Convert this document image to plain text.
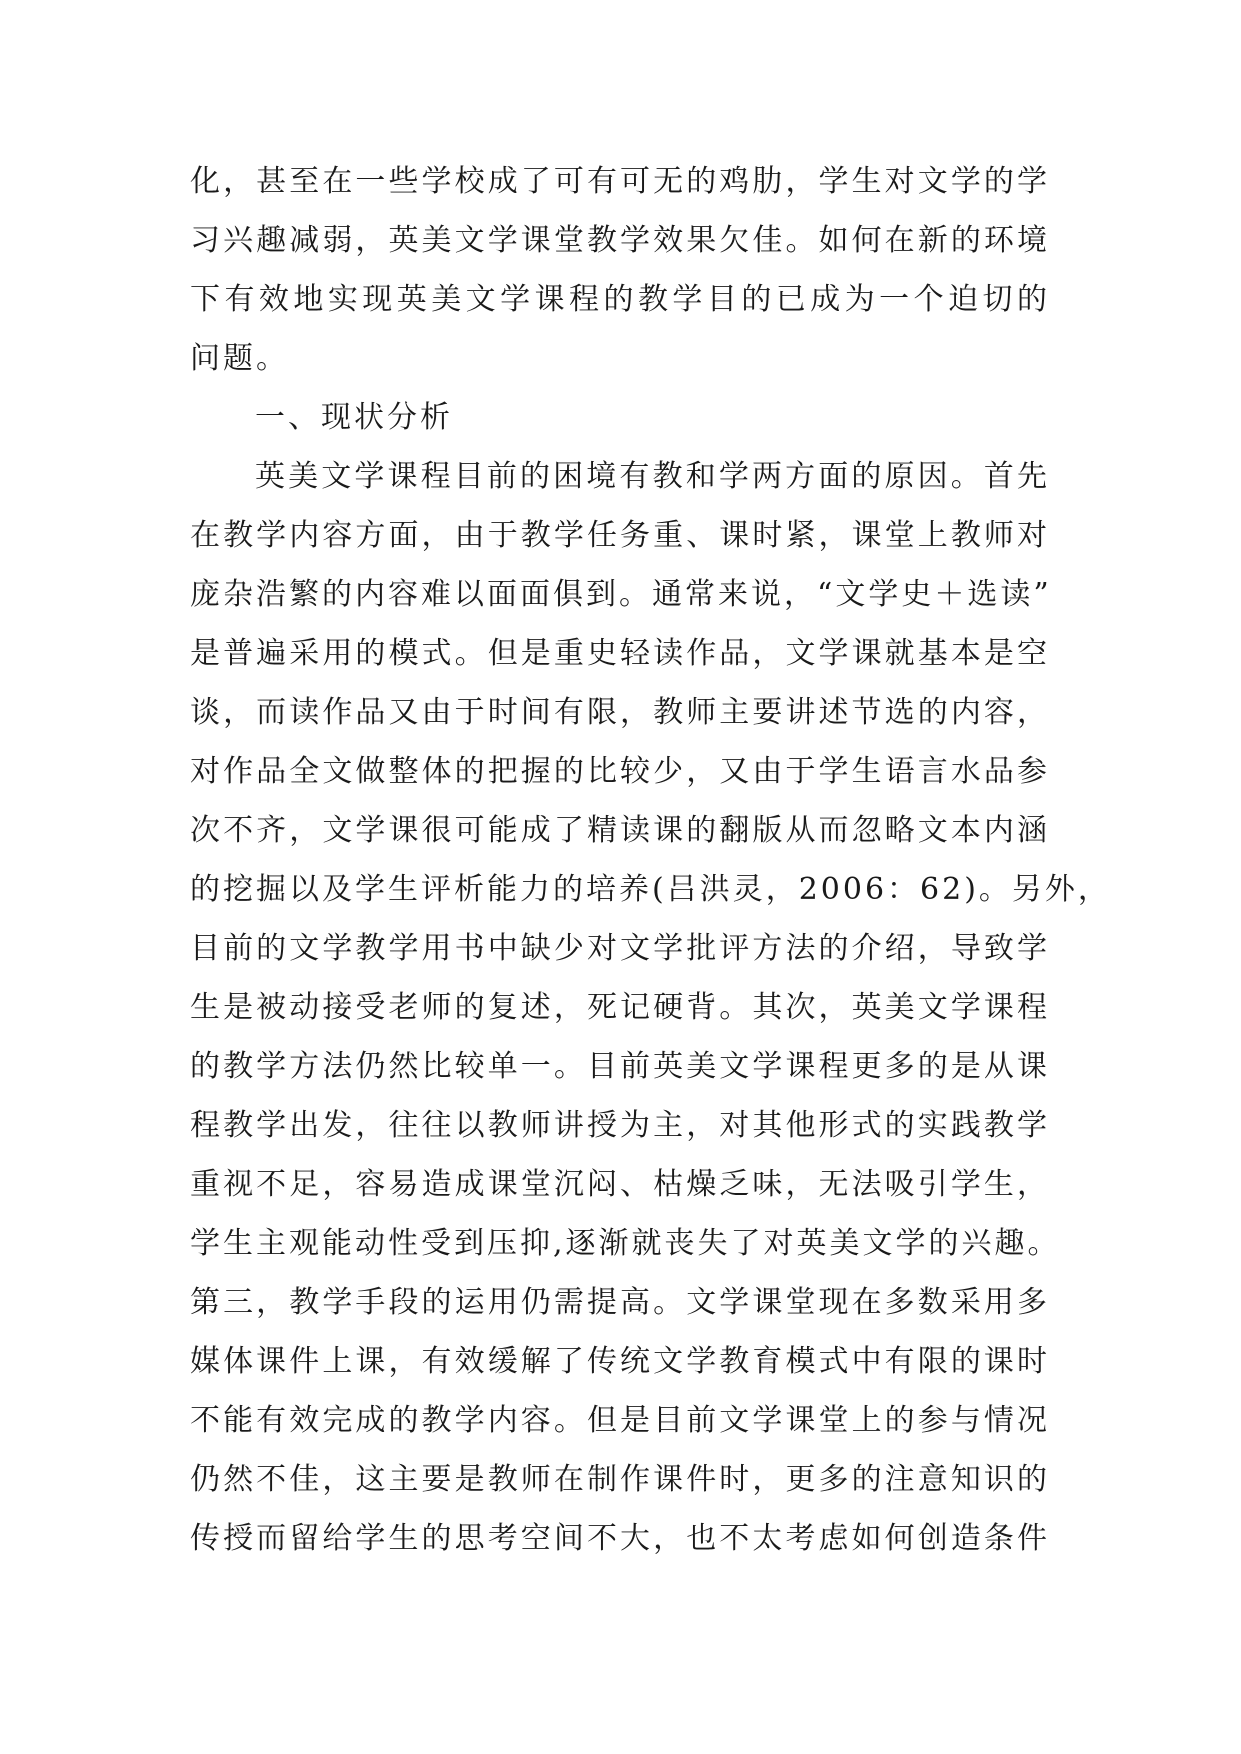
化，甚至在一些学校成了可有可无的鸡肋，学生对文学的学
习兴趣减弱，英美文学课堂教学效果欠佳。如何在新的环境
下有效地实现英美文学课程的教学目的已成为一个迫切的
问题。
一、现状分析
英美文学课程目前的困境有教和学两方面的原因。首先
在教学内容方面，由于教学任务重、课时紧，课堂上教师对
庞杂浩繁的内容难以面面俱到。通常来说，“文学史＋选读”
是普遍采用的模式。但是重史轻读作品，文学课就基本是空
谈，而读作品又由于时间有限，教师主要讲述节选的内容，
对作品全文做整体的把握的比较少，又由于学生语言水品参
次不齐，文学课很可能成了精读课的翻版从而忽略文本内涵
的挖掘以及学生评析能力的培养(吕洪灵，2006：62)。另外，
目前的文学教学用书中缺少对文学批评方法的介绍，导致学
生是被动接受老师的复述，死记硬背。其次，英美文学课程
的教学方法仍然比较单一。目前英美文学课程更多的是从课
程教学出发，往往以教师讲授为主，对其他形式的实践教学
重视不足，容易造成课堂沉闷、枯燥乏味，无法吸引学生，
学生主观能动性受到压抑,逐渐就丧失了对英美文学的兴趣。
第三，教学手段的运用仍需提高。文学课堂现在多数采用多
媒体课件上课，有效缓解了传统文学教育模式中有限的课时
不能有效完成的教学内容。但是目前文学课堂上的参与情况
仍然不佳，这主要是教师在制作课件时，更多的注意知识的
传授而留给学生的思考空间不大，也不太考虑如何创造条件
